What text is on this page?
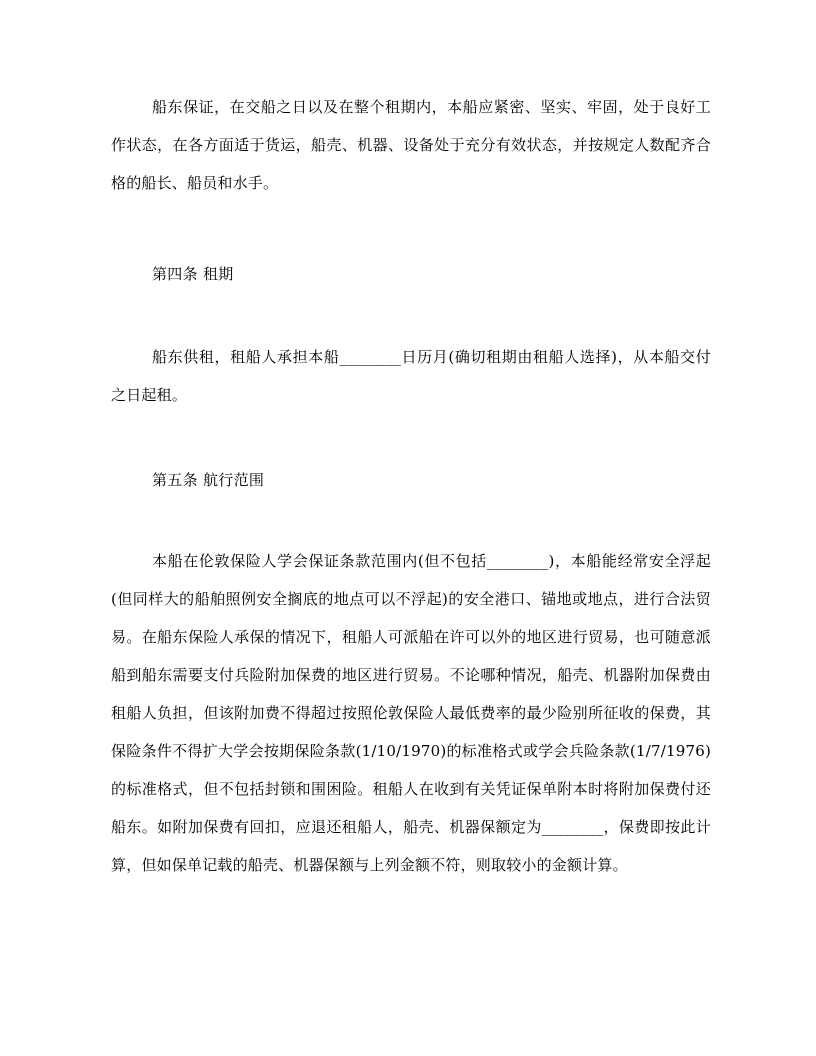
船东保证，在交船之日以及在整个租期内，本船应紧密、坚实、牢固，处于良好工作状态，在各方面适于货运，船壳、机器、设备处于充分有效状态，并按规定人数配齐合格的船长、船员和水手。

第四条 租期

船东供租，租船人承担本船________日历月(确切租期由租船人选择)，从本船交付之日起租。

第五条 航行范围

本船在伦敦保险人学会保证条款范围内(但不包括________)，本船能经常安全浮起(但同样大的船舶照例安全搁底的地点可以不浮起)的安全港口、锚地或地点，进行合法贸易。在船东保险人承保的情况下，租船人可派船在许可以外的地区进行贸易，也可随意派船到船东需要支付兵险附加保费的地区进行贸易。不论哪种情况，船壳、机器附加保费由租船人负担，但该附加费不得超过按照伦敦保险人最低费率的最少险别所征收的保费，其保险条件不得扩大学会按期保险条款(1/10/1970)的标准格式或学会兵险条款(1/7/1976)的标准格式，但不包括封锁和围困险。租船人在收到有关凭证保单附本时将附加保费付还船东。如附加保费有回扣，应退还租船人，船壳、机器保额定为________，保费即按此计算，但如保单记载的船壳、机器保额与上列金额不符，则取较小的金额计算。
